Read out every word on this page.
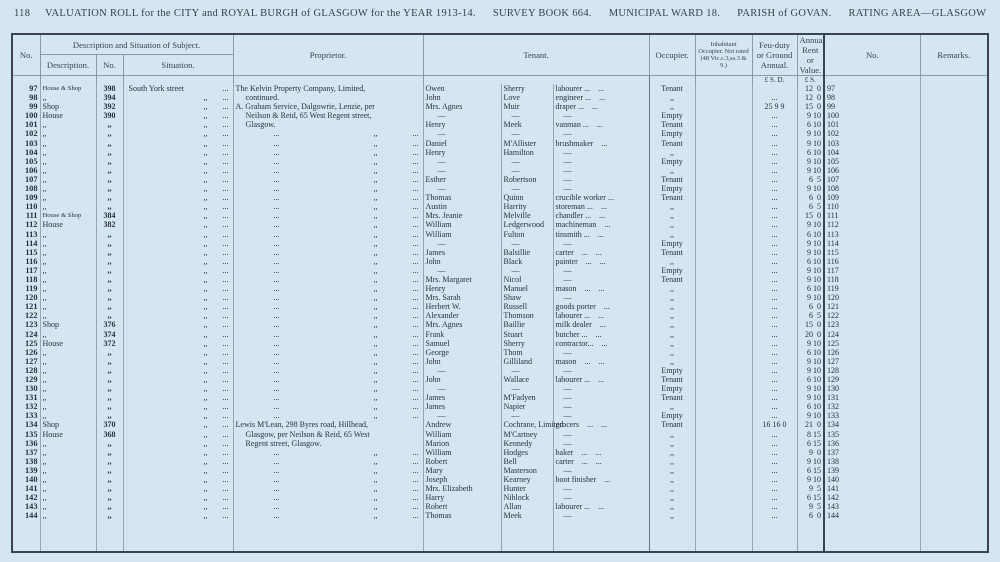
118 VALUATION ROLL for the CITY and ROYAL BURGH of GLASGOW for the YEAR 1913-14. SURVEY BOOK 664. MUNICIPAL WARD 18. PARISH of GOVAN. RATING AREA—GLASGOW
No.	Description and Situation of Subject.	Proprietor.	Tenant.	Occupier.	Inhabitant Occupier. Not rated (48 Vic.c.3,ss.3 & 9.)	Feu-duty or Ground Annual.	Annual Rent or Value.	No.	Remarks.
Description.	No.	Situation.
								£ S. D.	£ S.		
97	House & Shop	398	South York street	...	The Kelvin Property Company, Limited,	Owen	Sherry	labourer ...    ...	Tenant			12  0	97	
98	,,	394	,, ...	continued.	John	Love	engineer ...    ...	,,		...	12  0	98	
99	Shop	392	,, ...	A. Graham Service, Dalgowrie, Lenzie, per	Mrs. Agnes	Muir	draper ...    ...	,,		25 9 9	15  0	99	
100	House	390	,, ...	Neilson & Reid, 65 West Regent street,	—	—	—	Empty		...	9 10	100	
101	,,	,,	,, ...	Glasgow.	Henry	Meek	vanman ...    ...	Tenant		...	6 10	101	
102	,,	,,	,, ...	...	,,	...	—	—	—	Empty		...	9 10	102	
103	,,	,,	,, ...	...	,,	...	Daniel	M'Allister	brushmaker    ...	Tenant		...	9 10	103	
104	,,	,,	,, ...	...	,,	...	Henry	Hamilton	—	,,		...	6 10	104	
105	,,	,,	,, ...	...	,,	...	—	—	—	Empty		...	9 10	105	
106	,,	,,	,, ...	...	,,	...	—	—	—	,,		...	9 10	106	
107	,,	,,	,, ...	...	,,	...	Esther	Robertson	—	Tenant		...	6  5	107	
108	,,	,,	,, ...	...	,,	...	—	—	—	Empty		...	9 10	108	
109	,,	,,	,, ...	...	,,	...	Thomas	Quinn	crucible worker ...	Tenant		...	6  0	109	
110	,,	,,	,, ...	...	,,	...	Austin	Harrity	storeman ...    ...	,,		...	6  5	110	
111	House & Shop	384	,, ...	...	,,	...	Mrs. Jeanie	Melville	chandler ...    ...	,,		...	15  0	111	
112	House	382	,, ...	...	,,	...	William	Ledgerwood	machineman    ...	,,		...	9 10	112	
113	,,	,,	,, ...	...	,,	...	William	Fulton	tinsmith ...    ...	,,		...	6 10	113	
114	,,	,,	,, ...	...	,,	...	—	—	—	Empty		...	9 10	114	
115	,,	,,	,, ...	...	,,	...	James	Balsillie	carter    ...    ...	Tenant		...	9 10	115	
116	,,	,,	,, ...	...	,,	...	John	Black	painter    ...    ...	,,		...	6 10	116	
117	,,	,,	,, ...	...	,,	...	—	—	—	Empty		...	9 10	117	
118	,,	,,	,, ...	...	,,	...	Mrs. Margaret	Nicol	—	Tenant		...	9 10	118	
119	,,	,,	,, ...	...	,,	...	Henry	Manuel	mason    ...    ...	,,		...	6 10	119	
120	,,	,,	,, ...	...	,,	...	Mrs. Sarah	Shaw	—	,,		...	9 10	120	
121	,,	,,	,, ...	...	,,	...	Herbert W.	Russell	goods porter    ...	,,		...	6  0	121	
122	,,	,,	,, ...	...	,,	...	Alexander	Thomson	labourer ...    ...	,,		...	6  5	122	
123	Shop	376	,, ...	...	,,	...	Mrs. Agnes	Baillie	milk dealer    ...	,,		...	15  0	123	
124	,,	374	,, ...	...	,,	...	Frank	Stuart	butcher ...    ...	,,		...	20  0	124	
125	House	372	,, ...	...	,,	...	Samuel	Sherry	contractor...    ...	,,		...	9 10	125	
126	,,	,,	,, ...	...	,,	...	George	Thom	—	,,		...	6 10	126	
127	,,	,,	,, ...	...	,,	...	John	Gilliland	mason    ...    ...	,,		...	9 10	127	
128	,,	,,	,, ...	...	,,	...	—	—	—	Empty		...	9 10	128	
129	,,	,,	,, ...	...	,,	...	John	Wallace	labourer ...    ...	Tenant		...	6 10	129	
130	,,	,,	,, ...	...	,,	...	—	—	—	Empty		...	9 10	130	
131	,,	,,	,, ...	...	,,	...	James	M'Fadyen	—	Tenant		...	9 10	131	
132	,,	,,	,, ...	...	,,	...	James	Napier	—	,,		...	6 10	132	
133	,,	,,	,, ...	...	,,	...	—	—	—	Empty		...	9 10	133	
134	Shop	370	,, ...	Lewis M'Lean, 298 Byres road, Hillhead,	Andrew	Cochrane, Limited	grocers    ...    ...	Tenant		16 16 0	21  0	134	
135	House	368	,, ...	Glasgow, per Neilson & Reid, 65 West	William	M'Cartney	—	,,		...	8 15	135	
136	,,	,,	,, ...	Regent street, Glasgow.	Marion	Kennedy	—	,,		...	6 15	136	
137	,,	,,	,, ...	...	,,	...	William	Hodges	baker    ...    ...	,,		...	9  0	137	
138	,,	,,	,, ...	...	,,	...	Robert	Bell	carter    ...    ...	,,		...	9 10	138	
139	,,	,,	,, ...	...	,,	...	Mary	Masterson	—	,,		...	6 15	139	
140	,,	,,	,, ...	...	,,	...	Joseph	Kearney	boot finisher    ...	,,		...	9 10	140	
141	,,	,,	,, ...	...	,,	...	Mrs. Elizabeth	Hunter	—	,,		...	9  5	141	
142	,,	,,	,, ...	...	,,	...	Harry	Niblock	—	,,		...	6 15	142	
143	,,	,,	,, ...	...	,,	...	Robert	Allan	labourer ...    ...	,,		...	9  5	143	
144	,,	,,	,, ...	...	,,	...	Thomas	Meek	—	,,		...	6  0	144	
